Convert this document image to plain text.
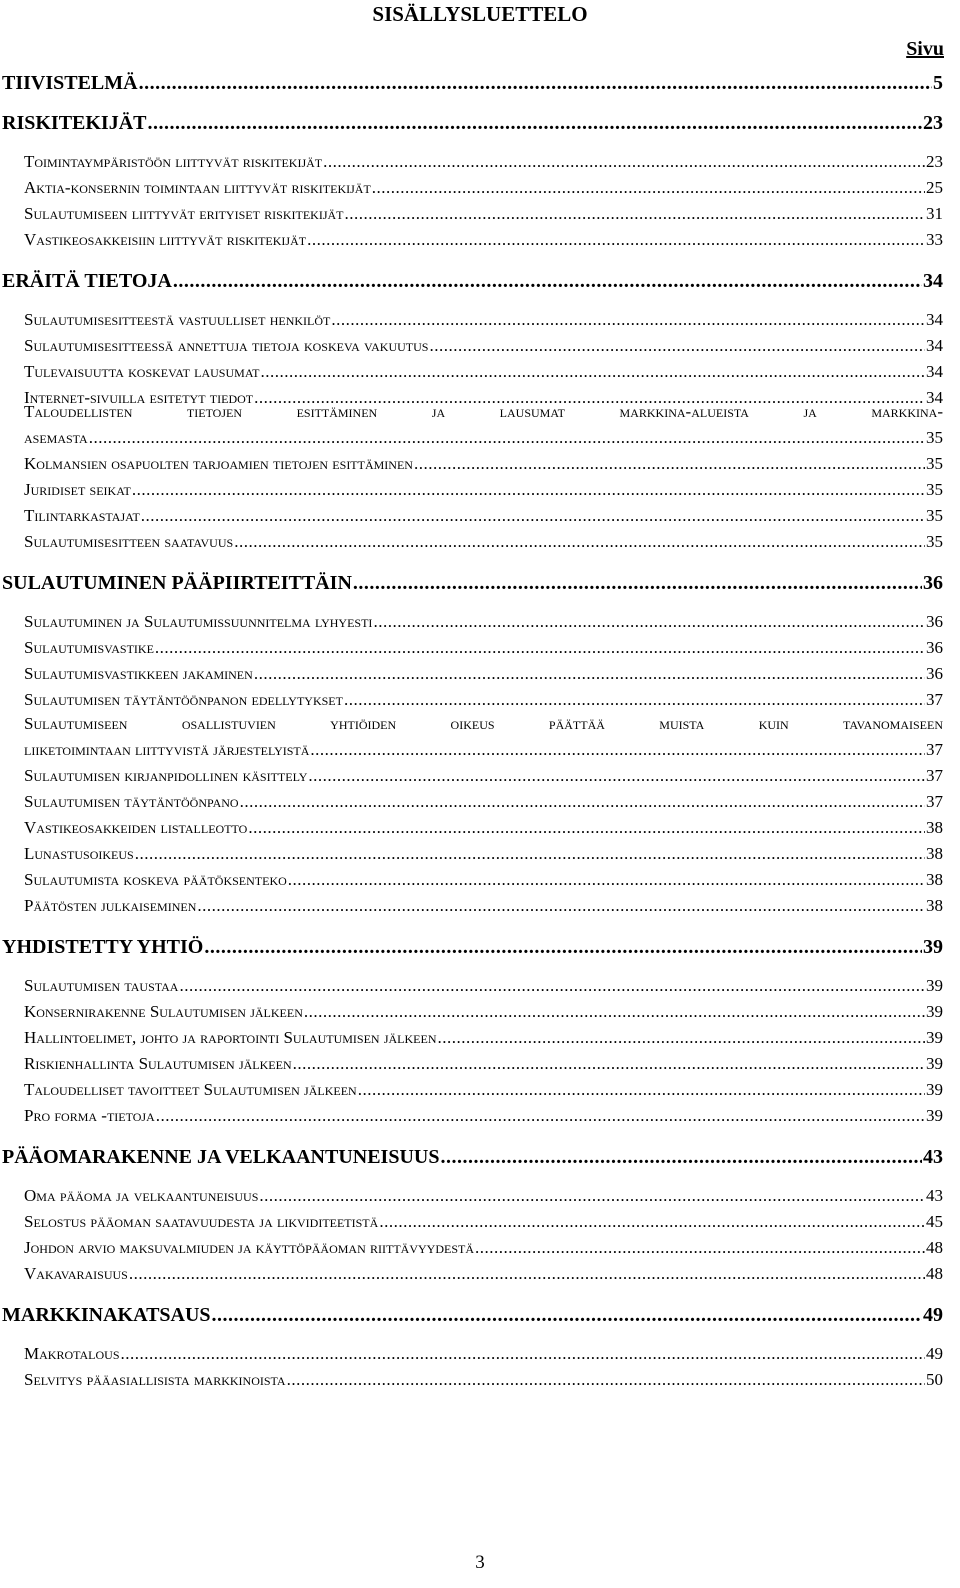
SISÄLLYSLUETTELO
Sivu
TIIVISTELMÄ .....	5
RISKITEKIJÄT .....	23
Toimintaympäristöön liittyvät riskitekijät .....	23
Aktia-konsernin toimintaan liittyvät riskitekijät .....	25
Sulautumiseen liittyvät erityiset riskitekijät .....	31
Vastikeosakkeisiin liittyvät riskitekijät .....	33
ERÄITÄ TIETOJA .....	34
Sulautumisesitteestä vastuulliset henkilöt .....	34
Sulautumisesitteessä annettuja tietoja koskeva vakuutus .....	34
Tulevaisuutta koskevat lausumat .....	34
Internet-sivuilla esitetyt tiedot .....	34
Taloudellisten tietojen esittäminen ja lausumat markkina-alueista ja markkina-
asemasta .....	35
Kolmansien osapuolten tarjoamien tietojen esittäminen .....	35
Juridiset seikat .....	35
Tilintarkastajat .....	35
Sulautumisesitteen saatavuus .....	35
SULAUTUMINEN PÄÄPIIRTEITTÄIN .....	36
Sulautuminen ja Sulautumissuunnitelma lyhyesti .....	36
Sulautumisvastike .....	36
Sulautumisvastikkeen jakaminen .....	36
Sulautumisen täytäntöönpanon edellytykset .....	37
Sulautumiseen osallistuvien yhtiöiden oikeus päättää muista kuin tavanomaiseen
liiketoimintaan liittyvistä järjestelyistä .....	37
Sulautumisen kirjanpidollinen käsittely .....	37
Sulautumisen täytäntöönpano .....	37
Vastikeosakkeiden listalleotto .....	38
Lunastusoikeus .....	38
Sulautumista koskeva päätöksenteko .....	38
Päätösten julkaiseminen .....	38
YHDISTETTY YHTIÖ .....	39
Sulautumisen taustaa .....	39
Konsernirakenne Sulautumisen jälkeen .....	39
Hallintoelimet, johto ja raportointi Sulautumisen jälkeen .....	39
Riskienhallinta Sulautumisen jälkeen .....	39
Taloudelliset tavoitteet Sulautumisen jälkeen .....	39
Pro forma -tietoja .....	39
PÄÄOMARAKENNE JA VELKAANTUNEISUUS .....	43
Oma pääoma ja velkaantuneisuus .....	43
Selostus pääoman saatavuudesta ja likviditeetistä .....	45
Johdon arvio maksuvalmiuden ja käyttöpääoman riittävyydestä .....	48
Vakavaraisuus .....	48
MARKKINAKATSAUS .....	49
Makrotalous .....	49
Selvitys pääasiallisista markkinoista .....	50
3
